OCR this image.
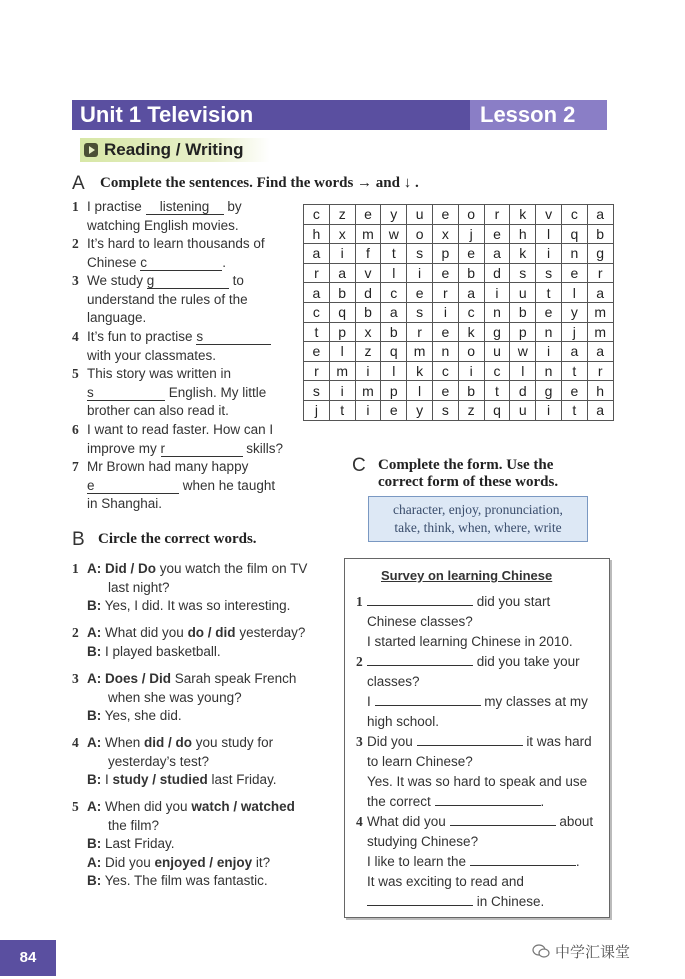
Unit 1 Television	Lesson 2
Reading / Writing
A Complete the sentences. Find the words → and ↓ .
1 I practise listening by
watching English movies.
2 It’s hard to learn thousands of
Chinese c	.
3 We study g	to
understand the rules of the
language.
4 It’s fun to practise s
with your classmates.
5 This story was written in
s	English. My little
brother can also read it.
6 I want to read faster. How can I
improve my r	skills?
7 Mr Brown had many happy
e	when he taught
in Shanghai.
c	z	e	y	u	e	o	r	k	v	c	a
h	x	m	w	o	x	j	e	h	l	q	b
a	i	f	t	s	p	e	a	k	i	n	g
r	a	v	l	i	e	b	d	s	s	e	r
a	b	d	c	e	r	a	i	u	t	l	a
c	q	b	a	s	i	c	n	b	e	y	m
t	p	x	b	r	e	k	g	p	n	j	m
e	l	z	q	m	n	o	u	w	i	a	a
r	m	i	l	k	c	i	c	l	n	t	r
s	i	m	p	l	e	b	t	d	g	e	h
j	t	i	e	y	s	z	q	u	i	t	a
B Circle the correct words.
1 A: Did / Do you watch the film on TV
last night?
B: Yes, I did. It was so interesting.
2 A: What did you do / did yesterday?
B: I played basketball.
3 A: Does / Did Sarah speak French
when she was young?
B: Yes, she did.
4 A: When did / do you study for
yesterday’s test?
B: I study / studied last Friday.
5 A: When did you watch / watched
the film?
B: Last Friday.
A: Did you enjoyed / enjoy it?
B: Yes. The film was fantastic.
C Complete the form. Use the
correct form of these words.
character, enjoy, pronunciation,
take, think, when, where, write
Survey on learning Chinese
1	did you start
Chinese classes?
I started learning Chinese in 2010.
2	did you take your
classes?
I	my classes at my
high school.
3 Did you	it was hard
to learn Chinese?
Yes. It was so hard to speak and use
the correct	.
4 What did you	about
studying Chinese?
I like to learn the	.
It was exciting to read and
in Chinese.
84	中学汇课堂
